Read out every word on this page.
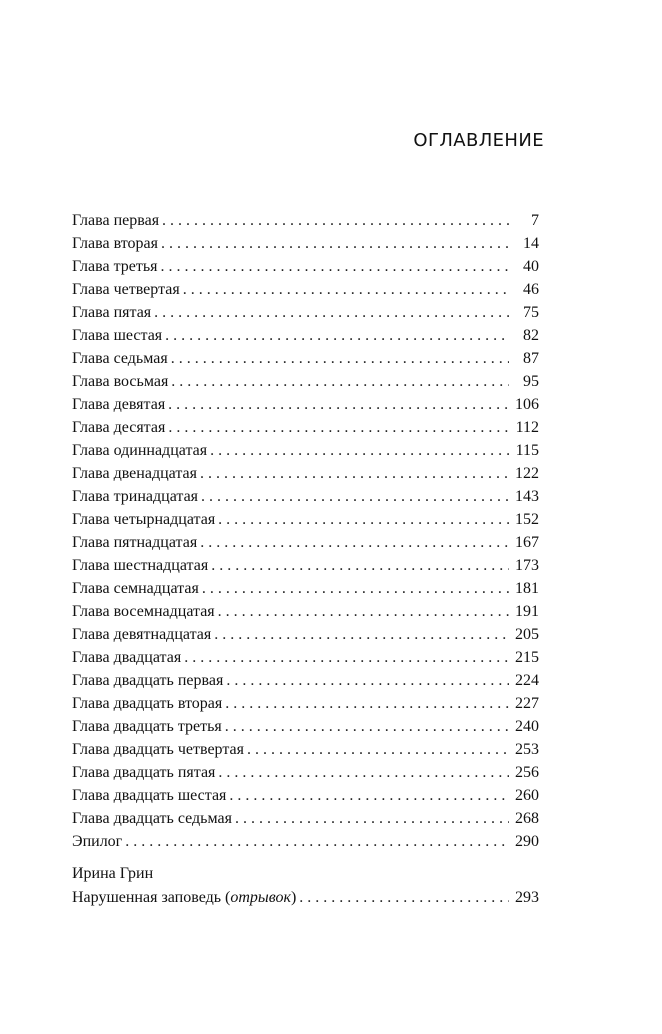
ОГЛАВЛЕНИЕ
Глава первая . . .	7
Глава вторая . . .	14
Глава третья . . .	40
Глава четвертая . . .	46
Глава пятая . . .	75
Глава шестая . . .	82
Глава седьмая . . .	87
Глава восьмая . . .	95
Глава девятая . . .	106
Глава десятая . . .	112
Глава одиннадцатая . . .	115
Глава двенадцатая . . .	122
Глава тринадцатая . . .	143
Глава четырнадцатая . . .	152
Глава пятнадцатая . . .	167
Глава шестнадцатая . . .	173
Глава семнадцатая . . .	181
Глава восемнадцатая . . .	191
Глава девятнадцатая . . .	205
Глава двадцатая . . .	215
Глава двадцать первая . . .	224
Глава двадцать вторая . . .	227
Глава двадцать третья . . .	240
Глава двадцать четвертая . . .	253
Глава двадцать пятая . . .	256
Глава двадцать шестая . . .	260
Глава двадцать седьмая . . .	268
Эпилог . . .	290
Ирина Грин
Нарушенная заповедь (отрывок) . . .	293
